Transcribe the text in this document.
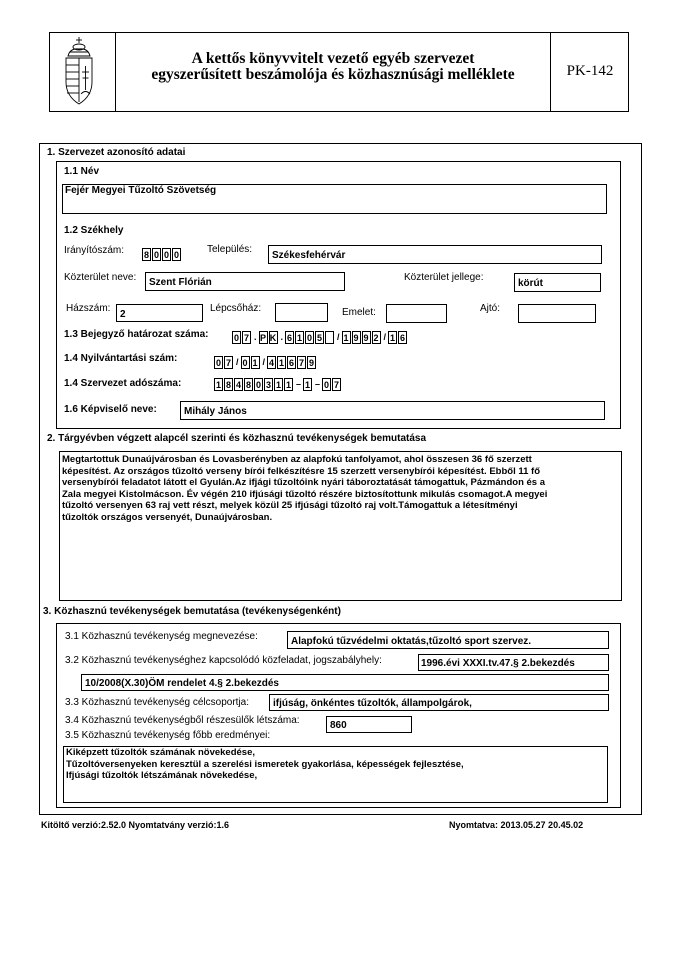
A kettős könyvvitelt vezető egyéb szervezet
egyszerűsített beszámolója és közhasznúsági melléklete	PK-142
1. Szervezet azonosító adatai
1.1 Név
Fejér Megyei Tűzoltó Szövetség
1.2 Székhely
Irányítószám: 8 0 0 0	Település:
Székesfehérvár
Közterület neve: Szent Flórián	Közterület jellege:
körút
Házszám:
2
Lépcsőház:	Emelet:	Ajtó:
1.3 Bejegyző határozat száma:	0 7 . P K . 6 1 0 5 / 1 9 9 2 / 1 6
1.4 Nyilvántartási szám:	0 7 / 0 1 / 4 1 6 7 9
1.4 Szervezet adószáma:	1 8 4 8 0 3 1 1 – 1 – 0 7
1.6 Képviselő neve:	Mihály János
2. Tárgyévben végzett alapcél szerinti és közhasznú tevékenységek bemutatása
Megtartottuk Dunaújvárosban és Lovasberényben az alapfokú tanfolyamot, ahol összesen 36 fő szerzett
képesítést. Az országos tűzoltó verseny bírói felkészítésre 15 szerzett versenybírói képesítést. Ebből 11 fő
versenybírói feladatot látott el Gyulán.Az ifjági tűzoltóink nyári táboroztatását támogattuk, Pázmándon és a
Zala megyei Kistolmácson. Év végén 210 ifjúsági tűzoltó részére biztosítottunk mikulás csomagot.A megyei
tűzoltó versenyen 63 raj vett részt, melyek közül 25 ifjúsági tűzoltó raj volt.Támogattuk a létesítményi
tűzoltók országos versenyét, Dunaújvárosban.
3. Közhasznú tevékenységek bemutatása (tevékenységenként)
3.1 Közhasznú tevékenység megnevezése:	Alapfokú tűzvédelmi oktatás,tűzoltó sport szervez.
3.2 Közhasznú tevékenységhez kapcsolódó közfeladat, jogszabályhely:	1996.évi XXXI.tv.47.§ 2.bekezdés
10/2008(X.30)ÖM rendelet 4.§ 2.bekezdés
3.3 Közhasznú tevékenység célcsoportja: ifjúság, önkéntes tűzoltók, állampolgárok,
3.4 Közhasznú tevékenységből részesülők létszáma:	860
3.5 Közhasznú tevékenység főbb eredményei:
Kiképzett tűzoltók számának növekedése,
Tűzoltóversenyeken keresztül a szerelési ismeretek gyakorlása, képességek fejlesztése,
Ifjúsági tűzoltók létszámának növekedése,
Kitöltő verzió:2.52.0 Nyomtatvány verzió:1.6	Nyomtatva: 2013.05.27 20.45.02
